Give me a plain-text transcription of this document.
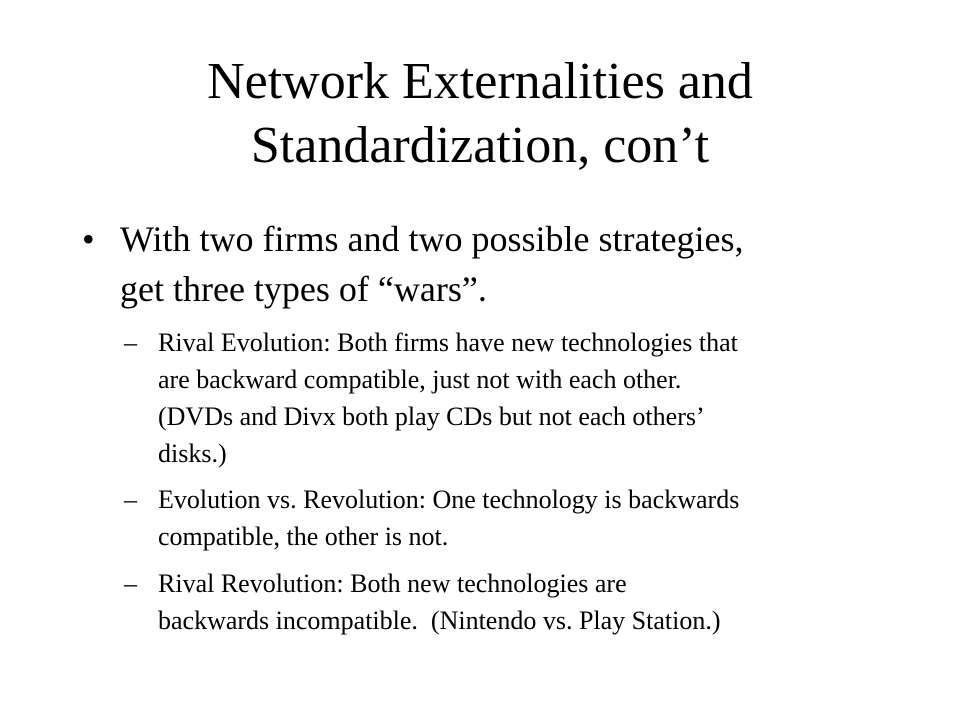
Network Externalities and
Standardization, con’t
• With two firms and two possible strategies,
get three types of “wars”.
– Rival Evolution: Both firms have new technologies that
are backward compatible, just not with each other.
(DVDs and Divx both play CDs but not each others’
disks.)
– Evolution vs. Revolution: One technology is backwards
compatible, the other is not.
– Rival Revolution: Both new technologies are
backwards incompatible.  (Nintendo vs. Play Station.)
